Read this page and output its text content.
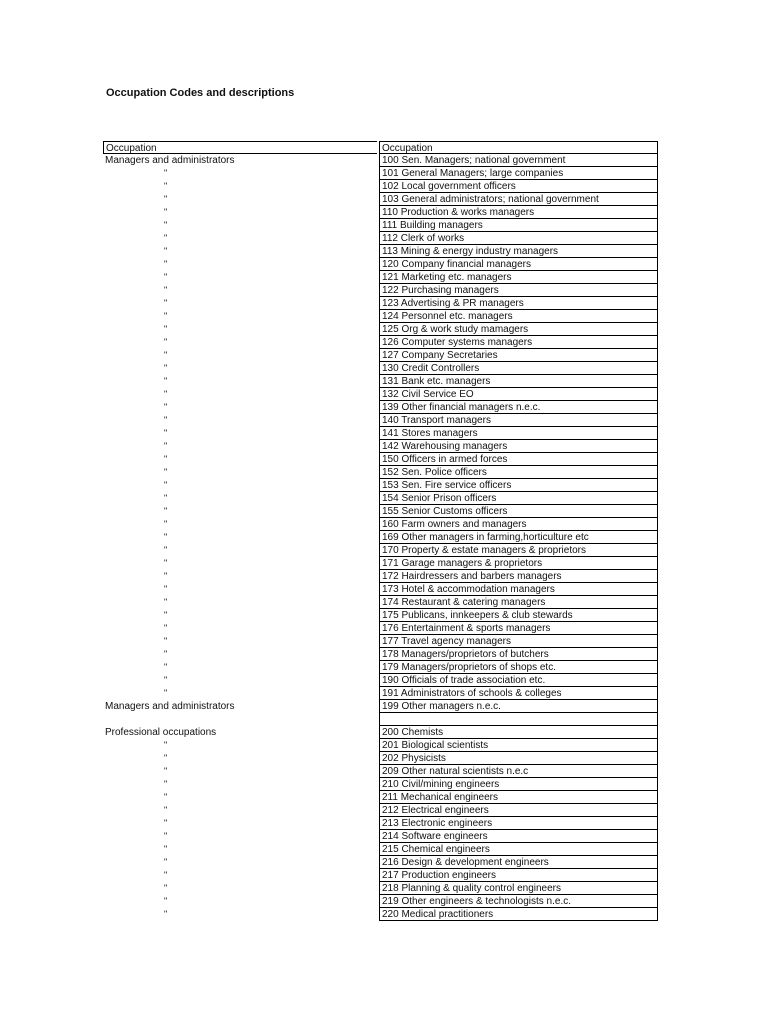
Occupation Codes and descriptions
Occupation	Occupation
Managers and administrators	100 Sen. Managers; national government
"	101 General Managers; large companies
"	102 Local government officers
"	103 General administrators; national government
"	110 Production & works managers
"	111 Building managers
"	112 Clerk of works
"	113 Mining & energy industry managers
"	120 Company financial managers
"	121 Marketing etc. managers
"	122 Purchasing managers
"	123 Advertising & PR managers
"	124 Personnel etc. managers
"	125 Org & work study mamagers
"	126 Computer systems managers
"	127 Company Secretaries
"	130 Credit Controllers
"	131 Bank etc. managers
"	132 Civil Service EO
"	139 Other financial managers n.e.c.
"	140 Transport managers
"	141 Stores managers
"	142 Warehousing managers
"	150 Officers in armed forces
"	152 Sen. Police officers
"	153 Sen. Fire service officers
"	154 Senior Prison officers
"	155 Senior Customs officers
"	160 Farm owners and managers
"	169 Other managers in farming,horticulture etc
"	170 Property & estate managers & proprietors
"	171 Garage managers & proprietors
"	172 Hairdressers and barbers managers
"	173 Hotel & accommodation managers
"	174 Restaurant & catering managers
"	175 Publicans, innkeepers & club stewards
"	176 Entertainment & sports managers
"	177 Travel agency managers
"	178 Managers/proprietors of butchers
"	179 Managers/proprietors of shops etc.
"	190 Officials of trade association etc.
"	191 Administrators of schools & colleges
Managers and administrators	199 Other managers n.e.c.
Professional occupations	200 Chemists
"	201 Biological scientists
"	202 Physicists
"	209 Other natural scientists n.e.c
"	210 Civil/mining engineers
"	211 Mechanical engineers
"	212 Electrical engineers
"	213 Electronic engineers
"	214 Software engineers
"	215 Chemical engineers
"	216 Design & development engineers
"	217 Production engineers
"	218 Planning & quality control engineers
"	219 Other engineers & technologists n.e.c.
"	220 Medical practitioners
